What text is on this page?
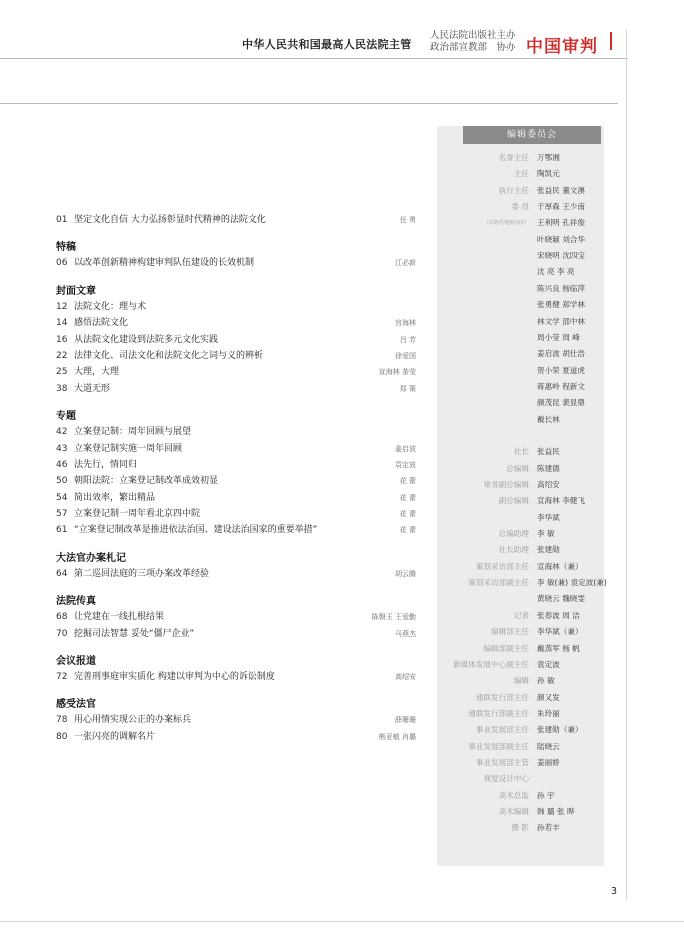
中华人民共和国最高人民法院主管
人民法院出版社主办
政治部宣教部　协办 中国审判
01 坚定文化自信 大力弘扬彰显时代精神的法院文化	任 勇
特稿
06 以改革创新精神构建审判队伍建设的长效机制	江必新
封面文章
12 法院文化：理与术
14 感悟法院文化	宫海林
16 从法院文化建设到法院多元文化实践	吕 芳
22 法律文化、司法文化和法院文化之词与义的辨析	徐爱国
25 大理，大理	宣海林 茶莹
38 大道无形	郑 策
专题
42 立案登记制：周年回顾与展望
43 立案登记制实施一周年回顾	姜启波
46 法先行，情同归	袁定波
50 朝阳法院：立案登记制改革成效初显	花 蕾
54 简出效率，繁出精品	花 蕾
57 立案登记制一周年看北京四中院	花 蕾
61 “立案登记制改革是推进依法治国、建设法治国家的重要举措”	花 蕾
大法官办案札记
64 第二巡回法庭的三项办案改革经验	胡云腾
法院传真
68 让党建在一线扎根结果	陈磐玉 王爱勤
70 挖掘司法智慧 妥处“僵尸企业”	马燕杰
会议报道
72 完善刑事庭审实质化 构建以审判为中心的诉讼制度	高绍安
感受法官
78 用心用情实现公正的办案标兵	薛珊珊
80 一张闪亮的调解名片	熊亚敏 肖璐
编辑委员会
名誉主任 万鄂湘
主任 陶凯元
执行主任 张益民 董文澳
委 员 于厚森 王少南
（以姓氏笔画为序） 王利明 孔祥俊
叶晓颖 刘合华
宋晓明 沈四宝
沈 亮 李 亮
陈兴良 杨临萍
张勇健 郑学林
林文学 邵中林
周小莹 周 峰
姜启波 胡仕浩
贺小荣 夏道虎
蒋惠岭 程新文
颜茂昆 裴显鼎
戴长林
社长 张益民
总编辑 陈建德
常务副总编辑 高绍安
副总编辑 宣海林 李健飞
李华斌
总编助理 李 敏
社长助理 张建勋
策划采访部主任 宣海林（兼）
策划采访部副主任 李 敏(兼) 袁定波(兼)
黄晓云 魏晓雯
记者 张春波 周 洁
编辑部主任 李华斌（兼）
编辑部副主任 戴蒸军 杨 帆
新媒体发展中心副主任 袁定波
编辑 孙 敏
通联发行部主任 颜又发
通联发行部副主任 朱玲丽
事业发展部主任 张建勋（兼）
事业发展部副主任 陆晓云
事业发展部主管 姜丽娇
视觉设计中心
美术总监 孙 宇
美术编辑 韩 璐 张 晔
摄 影 孙若丰
3
